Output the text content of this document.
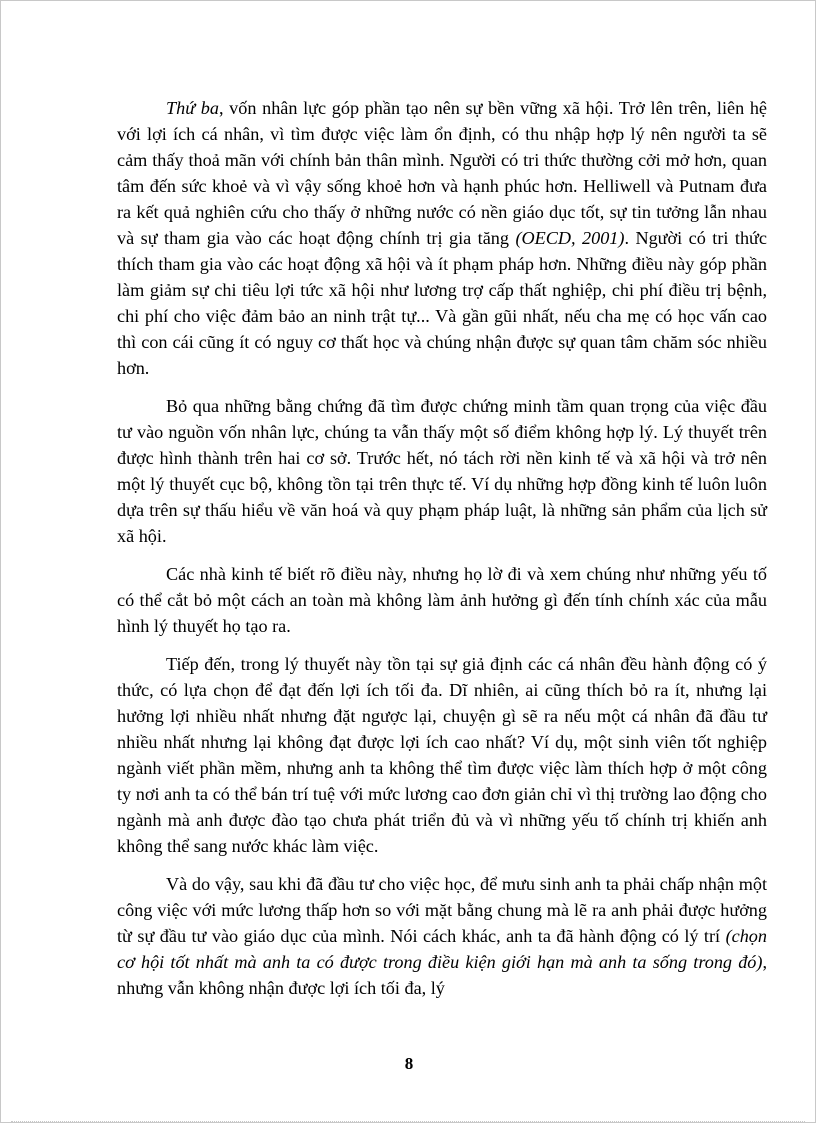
Thứ ba, vốn nhân lực góp phần tạo nên sự bền vững xã hội. Trở lên trên, liên hệ với lợi ích cá nhân, vì tìm được việc làm ổn định, có thu nhập hợp lý nên người ta sẽ cảm thấy thoả mãn với chính bản thân mình. Người có tri thức thường cởi mở hơn, quan tâm đến sức khoẻ và vì vậy sống khoẻ hơn và hạnh phúc hơn. Helliwell và Putnam đưa ra kết quả nghiên cứu cho thấy ở những nước có nền giáo dục tốt, sự tin tưởng lẫn nhau và sự tham gia vào các hoạt động chính trị gia tăng (OECD, 2001). Người có tri thức thích tham gia vào các hoạt động xã hội và ít phạm pháp hơn. Những điều này góp phần làm giảm sự chi tiêu lợi tức xã hội như lương trợ cấp thất nghiệp, chi phí điều trị bệnh, chi phí cho việc đảm bảo an ninh trật tự... Và gần gũi nhất, nếu cha mẹ có học vấn cao thì con cái cũng ít có nguy cơ thất học và chúng nhận được sự quan tâm chăm sóc nhiều hơn.

Bỏ qua những bằng chứng đã tìm được chứng minh tầm quan trọng của việc đầu tư vào nguồn vốn nhân lực, chúng ta vẫn thấy một số điểm không hợp lý. Lý thuyết trên được hình thành trên hai cơ sở. Trước hết, nó tách rời nền kinh tế và xã hội và trở nên một lý thuyết cục bộ, không tồn tại trên thực tế. Ví dụ những hợp đồng kinh tế luôn luôn dựa trên sự thấu hiểu về văn hoá và quy phạm pháp luật, là những sản phẩm của lịch sử xã hội.

Các nhà kinh tế biết rõ điều này, nhưng họ lờ đi và xem chúng như những yếu tố có thể cắt bỏ một cách an toàn mà không làm ảnh hưởng gì đến tính chính xác của mẫu hình lý thuyết họ tạo ra.

Tiếp đến, trong lý thuyết này tồn tại sự giả định các cá nhân đều hành động có ý thức, có lựa chọn để đạt đến lợi ích tối đa. Dĩ nhiên, ai cũng thích bỏ ra ít, nhưng lại hưởng lợi nhiều nhất nhưng đặt ngược lại, chuyện gì sẽ ra nếu một cá nhân đã đầu tư nhiều nhất nhưng lại không đạt được lợi ích cao nhất? Ví dụ, một sinh viên tốt nghiệp ngành viết phần mềm, nhưng anh ta không thể tìm được việc làm thích hợp ở một công ty nơi anh ta có thể bán trí tuệ với mức lương cao đơn giản chỉ vì thị trường lao động cho ngành mà anh được đào tạo chưa phát triển đủ và vì những yếu tố chính trị khiến anh không thể sang nước khác làm việc.

Và do vậy, sau khi đã đầu tư cho việc học, để mưu sinh anh ta phải chấp nhận một công việc với mức lương thấp hơn so với mặt bằng chung mà lẽ ra anh phải được hưởng từ sự đầu tư vào giáo dục của mình. Nói cách khác, anh ta đã hành động có lý trí (chọn cơ hội tốt nhất mà anh ta có được trong điều kiện giới hạn mà anh ta sống trong đó), nhưng vẫn không nhận được lợi ích tối đa, lý

8
